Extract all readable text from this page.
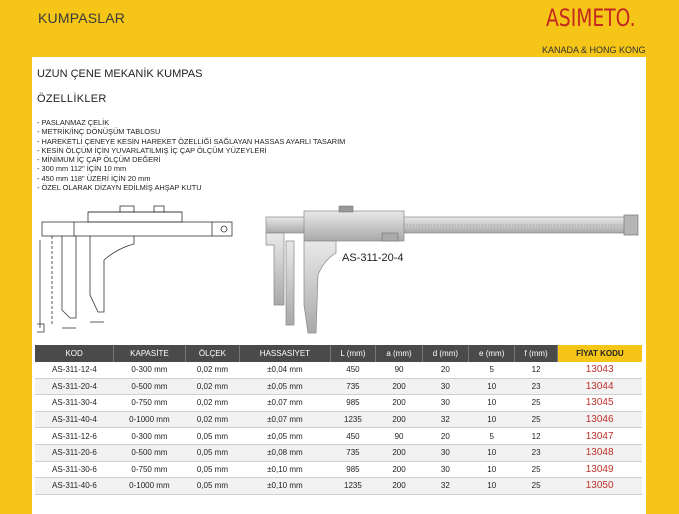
KUMPASLAR	ASIMETO.
KANADA & HONG KONG
UZUN ÇENE MEKANİK KUMPAS
ÖZELLİKLER
- PASLANMAZ ÇELİK
- METRİK/İNÇ DÖNÜŞÜM TABLOSU
- HAREKETLİ ÇENEYE KESİN HAREKET ÖZELLİĞİ SAĞLAYAN HASSAS AYARLI TASARIM
- KESİN ÖLÇÜM İÇİN YUVARLATILMIŞ İÇ ÇAP ÖLÇÜM YÜZEYLERİ
- MİNİMUM İÇ ÇAP ÖLÇÜM DEĞERİ
- 300 mm 112" İÇİN 10 mm
- 450 mm 118" ÜZERİ İÇİN 20 mm
- ÖZEL OLARAK DİZAYN EDİLMİŞ AHŞAP KUTU
AS-311-20-4
KOD	KAPASİTE	ÖLÇEK	HASSASİYET	L (mm)	a (mm)	d (mm)	e (mm)	f (mm)	FİYAT KODU
AS-311-12-4	0-300 mm	0,02 mm	±0,04 mm	450	90	20	5	12	13043
AS-311-20-4	0-500 mm	0,02 mm	±0,05 mm	735	200	30	10	23	13044
AS-311-30-4	0-750 mm	0,02 mm	±0,07 mm	985	200	30	10	25	13045
AS-311-40-4	0-1000 mm	0,02 mm	±0,07 mm	1235	200	32	10	25	13046
AS-311-12-6	0-300 mm	0,05 mm	±0,05 mm	450	90	20	5	12	13047
AS-311-20-6	0-500 mm	0,05 mm	±0,08 mm	735	200	30	10	23	13048
AS-311-30-6	0-750 mm	0,05 mm	±0,10 mm	985	200	30	10	25	13049
AS-311-40-6	0-1000 mm	0,05 mm	±0,10 mm	1235	200	32	10	25	13050
